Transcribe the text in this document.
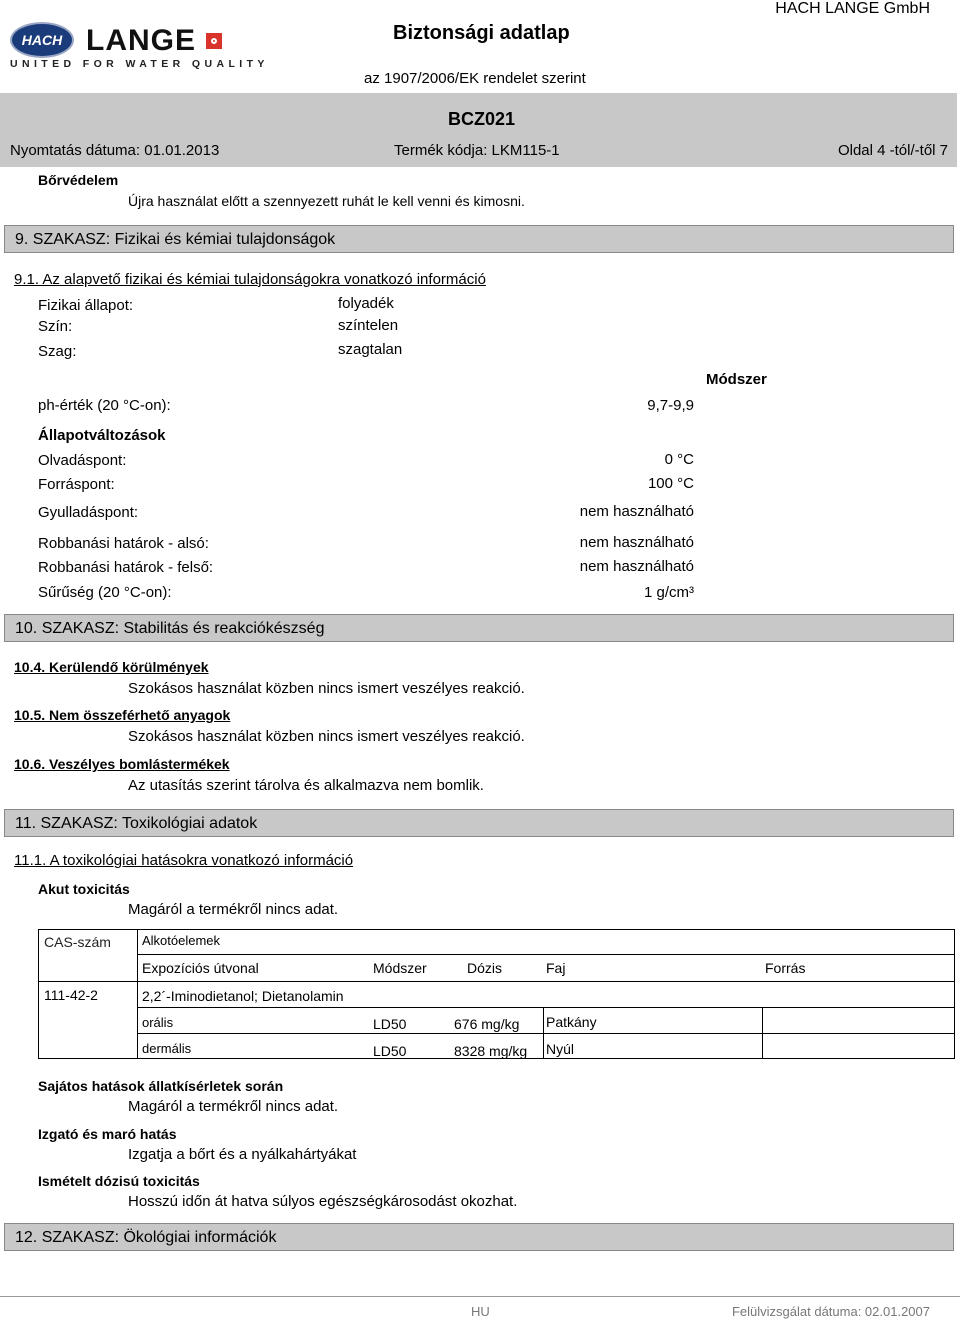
HACH LANGE
UNITED FOR WATER QUALITY
Biztonsági adatlap
HACH LANGE GmbH
az 1907/2006/EK rendelet szerint
BCZ021
Nyomtatás dátuma: 01.01.2013	Termék kódja: LKM115-1	Oldal 4 -tól/-től 7
Bőrvédelem
Újra használat előtt a szennyezett ruhát le kell venni és kimosni.
9. SZAKASZ: Fizikai és kémiai tulajdonságok
9.1. Az alapvető fizikai és kémiai tulajdonságokra vonatkozó információ
Fizikai állapot:	folyadék
Szín:	színtelen
Szag:	szagtalan
Módszer
ph-érték (20 °C-on):	9,7-9,9
Állapotváltozások
Olvadáspont:	0 °C
Forráspont:	100 °C
Gyulladáspont:	nem használható
Robbanási határok - alsó:	nem használható
Robbanási határok - felső:	nem használható
Sűrűség (20 °C-on):	1 g/cm³
10. SZAKASZ: Stabilitás és reakciókészség
10.4. Kerülendő körülmények
Szokásos használat közben nincs ismert veszélyes reakció.
10.5. Nem összeférhető anyagok
Szokásos használat közben nincs ismert veszélyes reakció.
10.6. Veszélyes bomlástermékek
Az utasítás szerint tárolva és alkalmazva nem bomlik.
11. SZAKASZ: Toxikológiai adatok
11.1. A toxikológiai hatásokra vonatkozó információ
Akut toxicitás
Magáról a termékről nincs adat.
CAS-szám Alkotóelemek
Expozíciós útvonal	Módszer	Dózis	Faj	Forrás
111-42-2	2,2´-Iminodietanol; Dietanolamin
orális	LD50	676 mg/kg Patkány
dermális	LD50	8328 mg/kg Nyúl
Sajátos hatások állatkísérletek során
Magáról a termékről nincs adat.
Izgató és maró hatás
Izgatja a bőrt és a nyálkahártyákat
Ismételt dózisú toxicitás
Hosszú időn át hatva súlyos egészségkárosodást okozhat.
12. SZAKASZ: Ökológiai információk
HU	Felülvizsgálat dátuma: 02.01.2007
